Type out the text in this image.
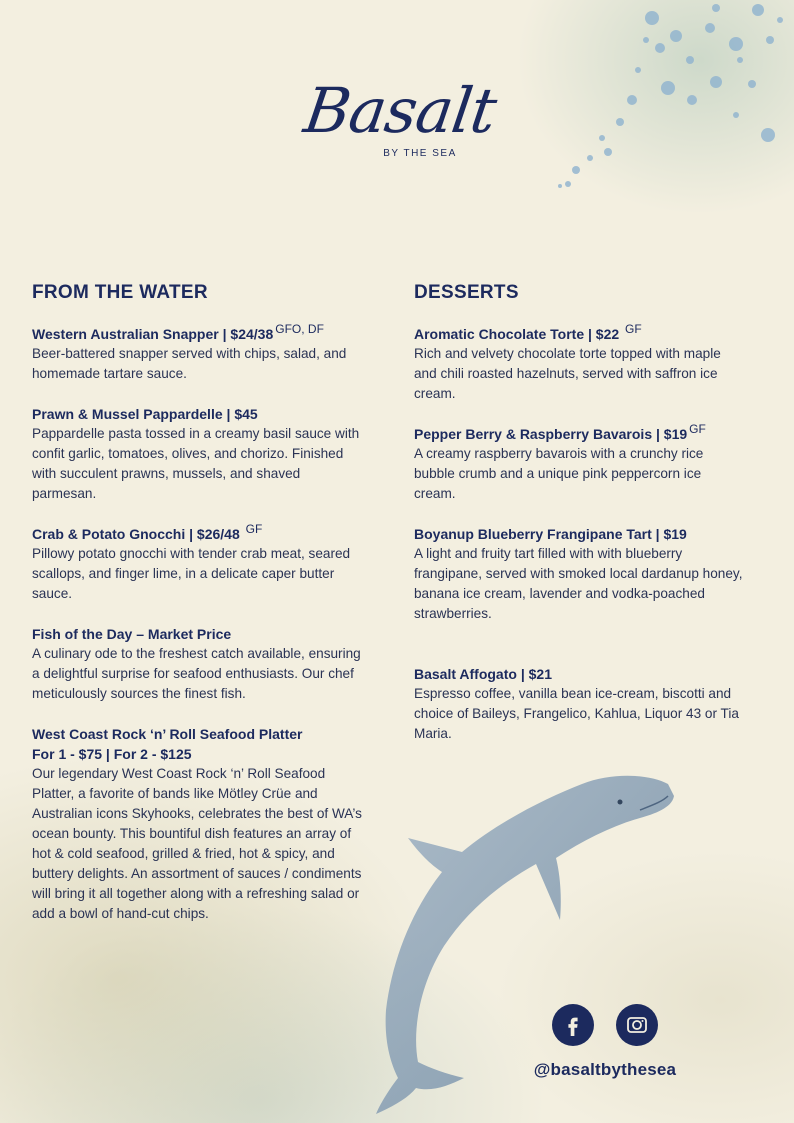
Basalt
BY THE SEA
FROM THE WATER
Western Australian Snapper | $24/38 GFO, DF
Beer-battered snapper served with chips, salad, and homemade tartare sauce.
Prawn & Mussel Pappardelle | $45
Pappardelle pasta tossed in a creamy basil sauce with confit garlic, tomatoes, olives, and chorizo. Finished with succulent prawns, mussels, and shaved parmesan.
Crab & Potato Gnocchi | $26/48 GF
Pillowy potato gnocchi with tender crab meat, seared scallops, and finger lime, in a delicate caper butter sauce.
Fish of the Day – Market Price
A culinary ode to the freshest catch available, ensuring a delightful surprise for seafood enthusiasts. Our chef meticulously sources the finest fish.
West Coast Rock ‘n’ Roll Seafood Platter
For 1 - $75 | For 2 - $125
Our legendary West Coast Rock ‘n’ Roll Seafood Platter, a favorite of bands like Mötley Crüe and Australian icons Skyhooks, celebrates the best of WA’s ocean bounty. This bountiful dish features an array of hot & cold seafood, grilled & fried, hot & spicy, and buttery delights. An assortment of sauces / condiments will bring it all together along with a refreshing salad or add a bowl of hand-cut chips.
DESSERTS
Aromatic Chocolate Torte | $22 GF
Rich and velvety chocolate torte topped with maple and chili roasted hazelnuts, served with saffron ice cream.
Pepper Berry & Raspberry Bavarois | $19 GF
A creamy raspberry bavarois with a crunchy rice bubble crumb and a unique pink peppercorn ice cream.
Boyanup Blueberry Frangipane Tart | $19
A light and fruity tart filled with with blueberry frangipane, served with smoked local dardanup honey, banana ice cream, lavender and vodka-poached strawberries.
Basalt Affogato | $21
Espresso coffee, vanilla bean ice-cream, biscotti and choice of Baileys, Frangelico, Kahlua, Liquor 43 or Tia Maria.
@basaltbythesea
